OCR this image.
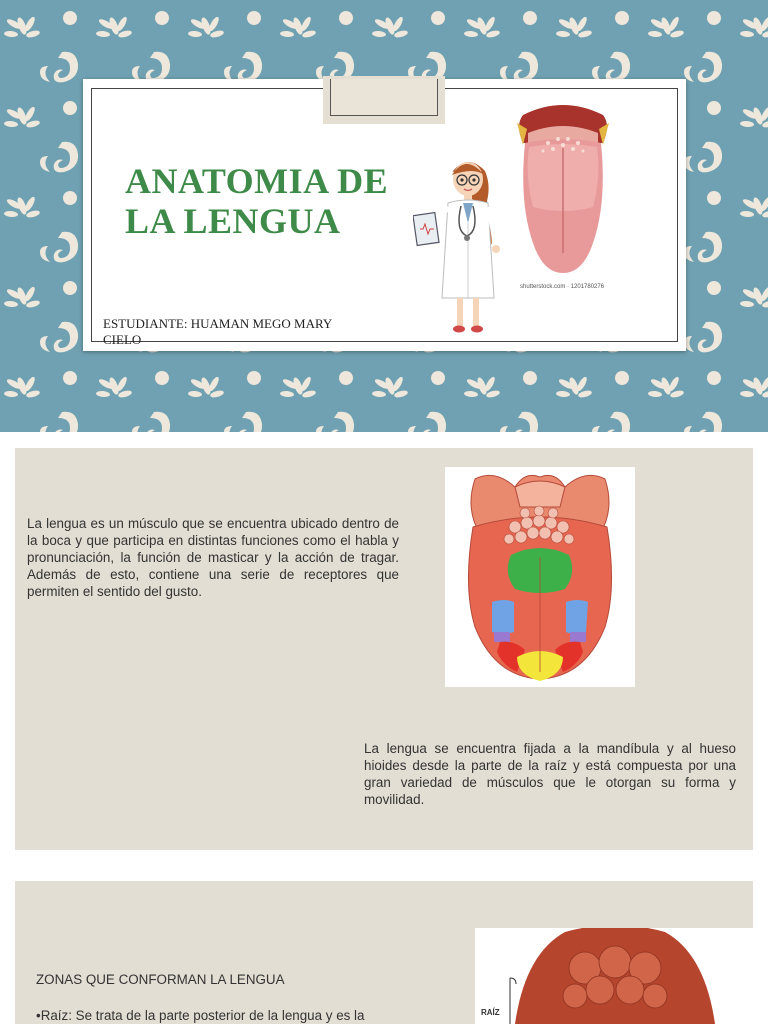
ANATOMIA DE
LA LENGUA
ESTUDIANTE: HUAMAN MEGO MARY CIELO
shutterstock.com · 1201780276

La lengua es un músculo que se encuentra ubicado dentro de la boca y que participa en distintas funciones como el habla y pronunciación, la función de masticar y la acción de tragar. Además de esto, contiene una serie de receptores que permiten el sentido del gusto.

La lengua se encuentra fijada a la mandíbula y al hueso hioides desde la parte de la raíz y está compuesta por una gran variedad de músculos que le otorgan su forma y movilidad.

ZONAS QUE CONFORMAN LA LENGUA
•Raíz: Se trata de la parte posterior de la lengua y es la	RAÍZ
